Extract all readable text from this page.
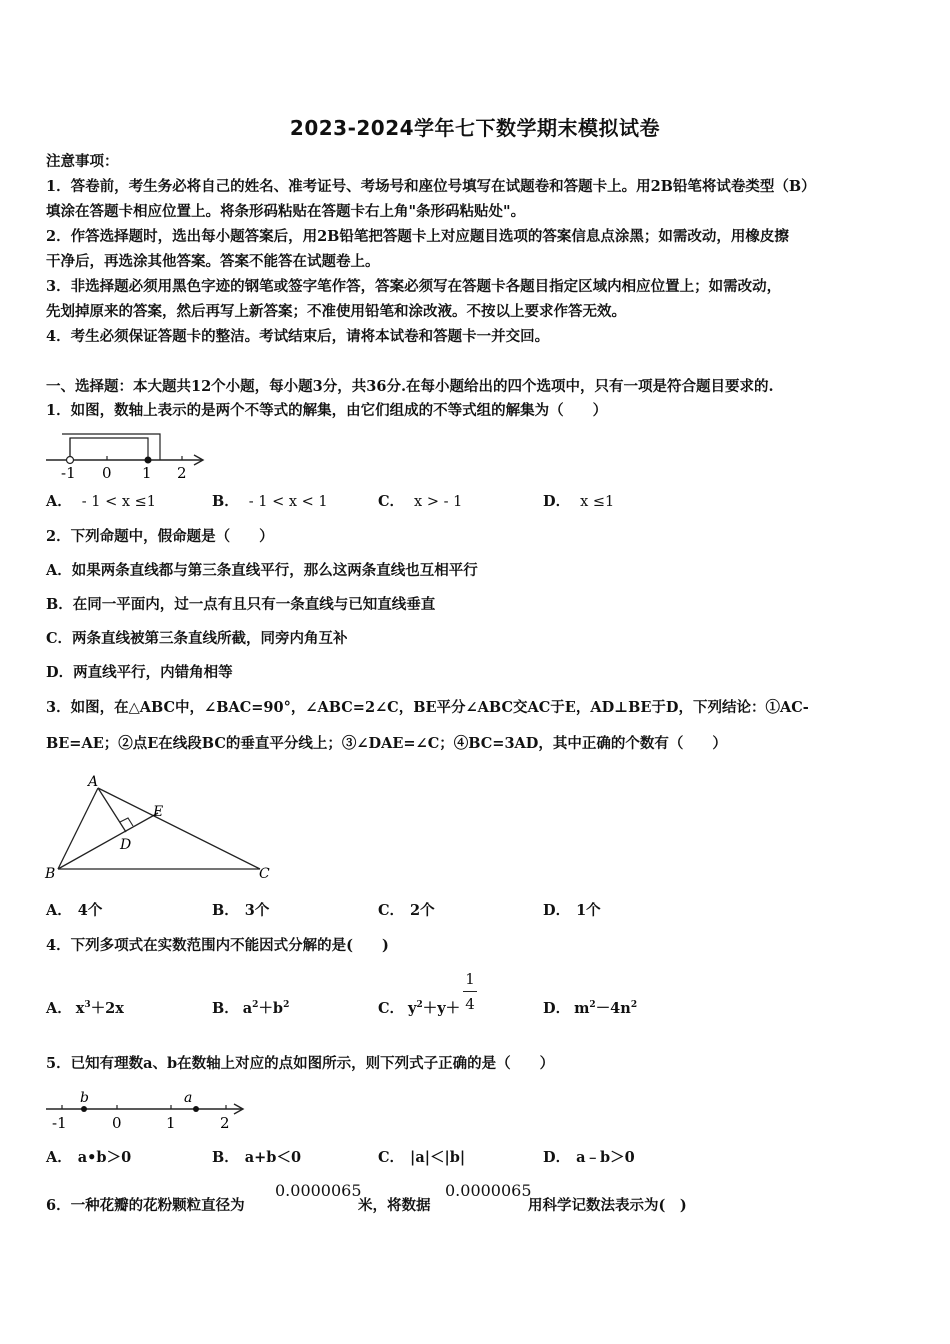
2023-2024学年七下数学期末模拟试卷
注意事项：
1．答卷前，考生务必将自己的姓名、准考证号、考场号和座位号填写在试题卷和答题卡上。用2B铅笔将试卷类型（B）
填涂在答题卡相应位置上。将条形码粘贴在答题卡右上角"条形码粘贴处"。
2．作答选择题时，选出每小题答案后，用2B铅笔把答题卡上对应题目选项的答案信息点涂黑；如需改动，用橡皮擦
干净后，再选涂其他答案。答案不能答在试题卷上。
3．非选择题必须用黑色字迹的钢笔或签字笔作答，答案必须写在答题卡各题目指定区域内相应位置上；如需改动，
先划掉原来的答案，然后再写上新答案；不准使用铅笔和涂改液。不按以上要求作答无效。
4．考生必须保证答题卡的整洁。考试结束后，请将本试卷和答题卡一并交回。
一、选择题：本大题共12个小题，每小题3分，共36分.在每小题给出的四个选项中，只有一项是符合题目要求的.
1．如图，数轴上表示的是两个不等式的解集，由它们组成的不等式组的解集为（　　）
-1 0 1 2
A． - 1 < x ≤1	B． - 1 < x < 1	C． x > - 1	D． x ≤1
2．下列命题中，假命题是（　　）
A．如果两条直线都与第三条直线平行，那么这两条直线也互相平行
B．在同一平面内，过一点有且只有一条直线与已知直线垂直
C．两条直线被第三条直线所截，同旁内角互补
D．两直线平行，内错角相等
3．如图，在△ABC中，∠BAC=90°，∠ABC=2∠C，BE平分∠ABC交AC于E，AD⊥BE于D，下列结论：①AC-
BE=AE；②点E在线段BC的垂直平分线上；③∠DAE=∠C；④BC=3AD，其中正确的个数有（　　）
A
B	C
D
E
A． 4个	B． 3个	C． 2个	D． 1个
4．下列多项式在实数范围内不能因式分解的是(　　)
A． $x^3+2x$	B． $a^2+b^2$	C． $y^2+y+$
1
4	D． $m^2-4n^2$
5．已知有理数a、b在数轴上对应的点如图所示，则下列式子正确的是（　　）
b	a
-1	0	1	2
A． a•b＞0	B． a+b＜0	C． |a|＜|b|	D． a﹣b＞0
6．一种花瓣的花粉颗粒直径为
0.0000065
米，将数据
0.0000065
用科学记数法表示为(　)
